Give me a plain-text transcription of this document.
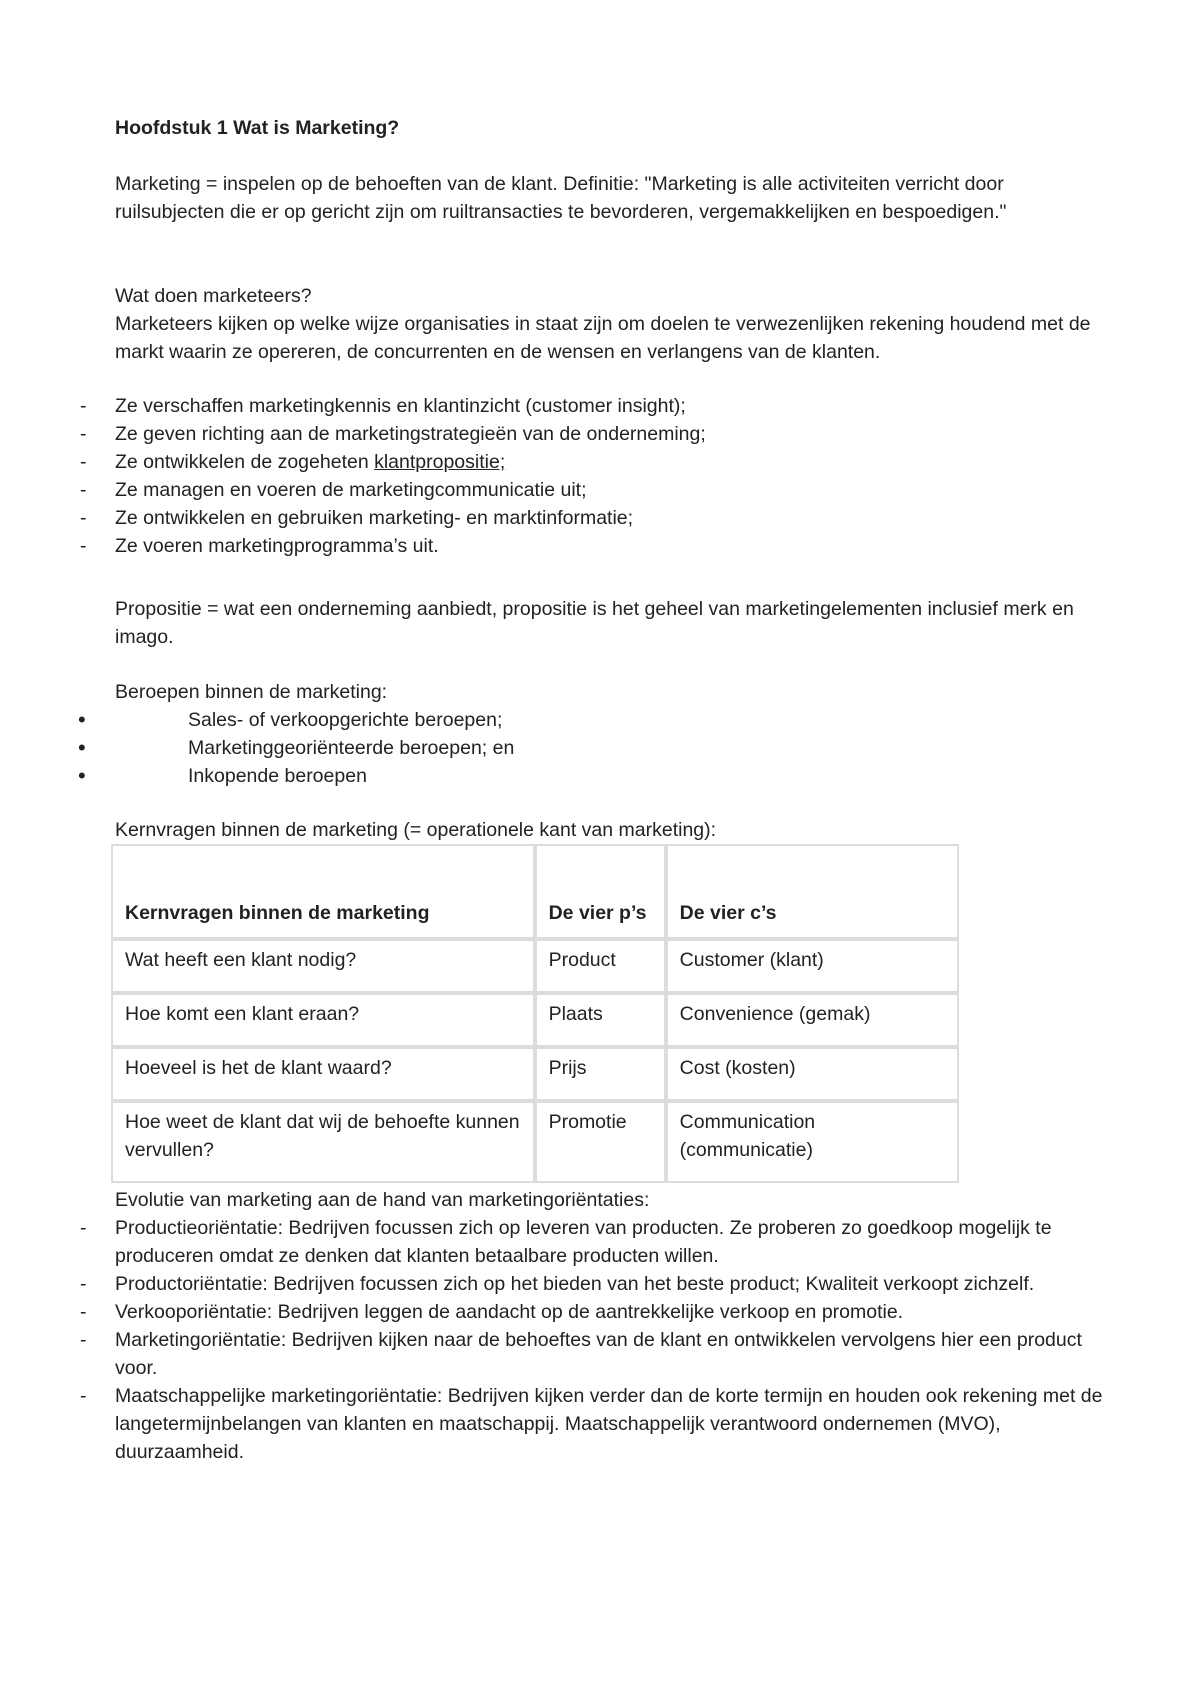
Hoofdstuk 1 Wat is Marketing?

Marketing = inspelen op de behoeften van de klant. Definitie: "Marketing is alle activiteiten verricht door ruilsubjecten die er op gericht zijn om ruiltransacties te bevorderen, vergemakkelijken en bespoedigen."

Wat doen marketeers?

Marketeers kijken op welke wijze organisaties in staat zijn om doelen te verwezenlijken rekening houdend met de markt waarin ze opereren, de concurrenten en de wensen en verlangens van de klanten.

-	Ze verschaffen marketingkennis en klantinzicht (customer insight);
-	Ze geven richting aan de marketingstrategieën van de onderneming;
-	Ze ontwikkelen de zogeheten klantpropositie;
-	Ze managen en voeren de marketingcommunicatie uit;
-	Ze ontwikkelen en gebruiken marketing- en marktinformatie;
-	Ze voeren marketingprogramma’s uit.

Propositie = wat een onderneming aanbiedt, propositie is het geheel van marketingelementen inclusief merk en imago.

Beroepen binnen de marketing:

•	Sales- of verkoopgerichte beroepen;
•	Marketinggeoriënteerde beroepen; en
•	Inkopende beroepen

Kernvragen binnen de marketing (= operationele kant van marketing):

Kernvragen binnen de marketing	De vier p’s	De vier c’s
Wat heeft een klant nodig?	Product	Customer (klant)
Hoe komt een klant eraan?	Plaats	Convenience (gemak)
Hoeveel is het de klant waard?	Prijs	Cost (kosten)
Hoe weet de klant dat wij de behoefte kunnen vervullen?	Promotie	Communication (communicatie)

Evolutie van marketing aan de hand van marketingoriëntaties:

-	Productieoriëntatie: Bedrijven focussen zich op leveren van producten. Ze proberen zo goedkoop mogelijk te produceren omdat ze denken dat klanten betaalbare producten willen.
-	Productoriëntatie: Bedrijven focussen zich op het bieden van het beste product; Kwaliteit verkoopt zichzelf.
-	Verkooporiëntatie: Bedrijven leggen de aandacht op de aantrekkelijke verkoop en promotie.
-	Marketingoriëntatie: Bedrijven kijken naar de behoeftes van de klant en ontwikkelen vervolgens hier een product voor.
-	Maatschappelijke marketingoriëntatie: Bedrijven kijken verder dan de korte termijn en houden ook rekening met de langetermijnbelangen van klanten en maatschappij. Maatschappelijk verantwoord ondernemen (MVO), duurzaamheid.
